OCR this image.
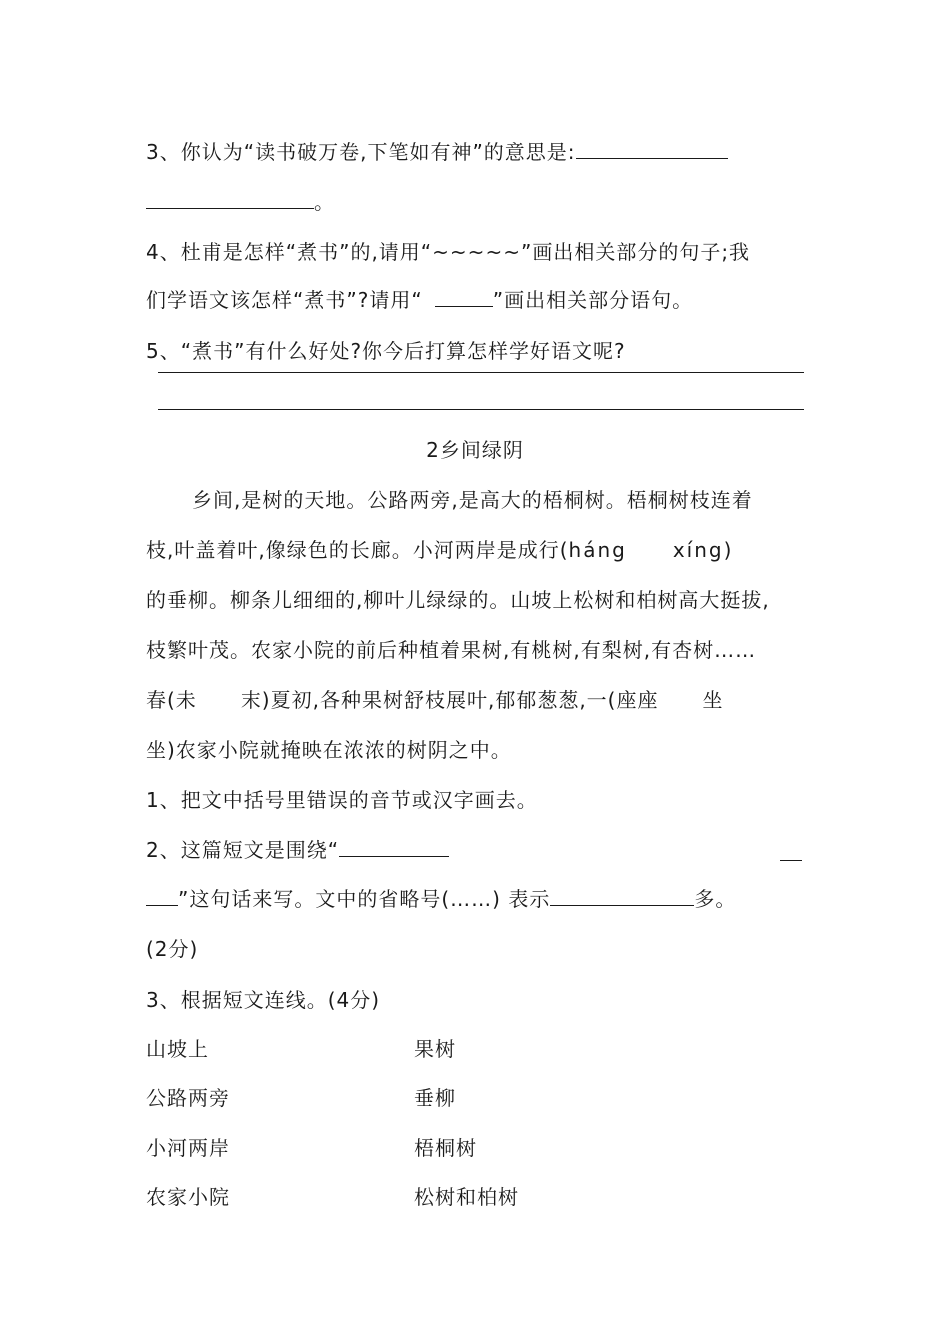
3、你认为“读书破万卷,下笔如有神”的意思是:
。
4、杜甫是怎样“煮书”的,请用“~~~~~”画出相关部分的句子;我
们学语文该怎样“煮书”?请用“	”画出相关部分语句。
5、“煮书”有什么好处?你今后打算怎样学好语文呢?
2乡间绿阴
乡间,是树的天地。公路两旁,是高大的梧桐树。梧桐树枝连着
枝,叶盖着叶,像绿色的长廊。小河两岸是成行(háng xíng)
的垂柳。柳条儿细细的,柳叶儿绿绿的。山坡上松树和柏树高大挺拔,
枝繁叶茂。农家小院的前后种植着果树,有桃树,有梨树,有杏树……
春(未 末)夏初,各种果树舒枝展叶,郁郁葱葱,一(座座 坐
坐)农家小院就掩映在浓浓的树阴之中。
1、把文中括号里错误的音节或汉字画去。
2、这篇短文是围绕“
”这句话来写。文中的省略号(……) 表示	多。
(2分)
3、根据短文连线。(4分)
山坡上	果树
公路两旁	垂柳
小河两岸	梧桐树
农家小院	松树和柏树
